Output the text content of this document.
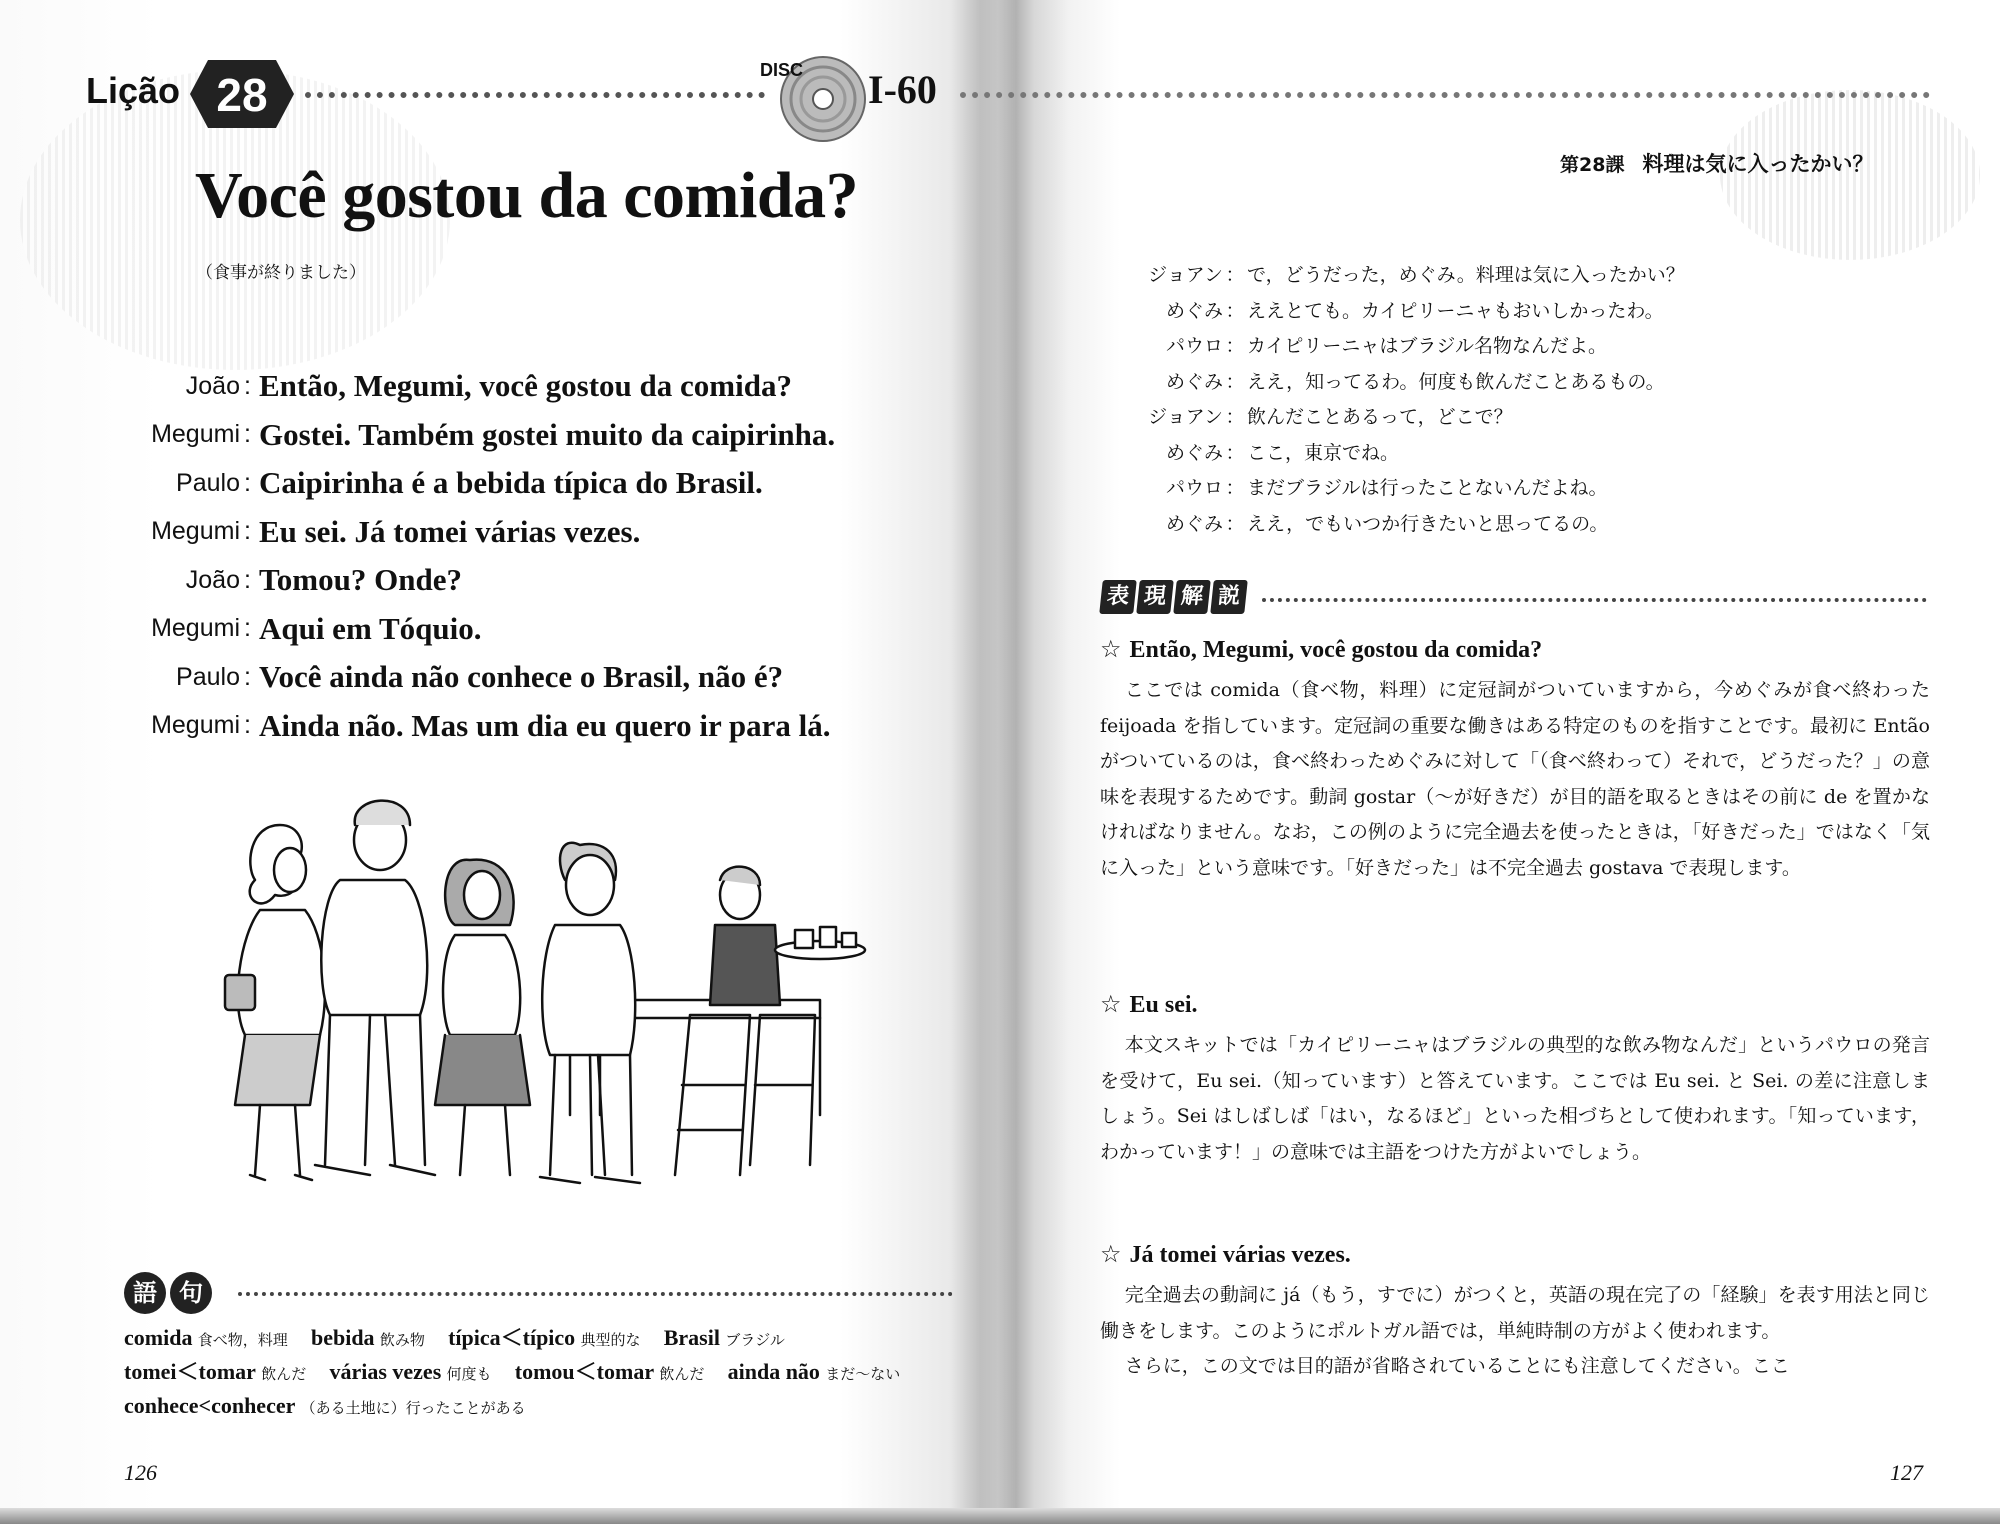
Lição 28	DISC I-60
Você gostou da comida?
（食事が終りました）
João : Então, Megumi, você gostou da comida?
Megumi : Gostei. Também gostei muito da caipirinha.
Paulo : Caipirinha é a bebida típica do Brasil.
Megumi : Eu sei. Já tomei várias vezes.
João : Tomou? Onde?
Megumi : Aqui em Tóquio.
Paulo : Você ainda não conhece o Brasil, não é?
Megumi : Ainda não. Mas um dia eu quero ir para lá.
語 句
comida 食べ物，料理 bebida 飲み物 típica＜típico 典型的な Brasil ブラジル
tomei＜tomar 飲んだ várias vezes 何度も tomou＜tomar 飲んだ ainda não まだ～ない
conhece<conhecer （ある土地に）行ったことがある
126
第28課 料理は気に入ったかい？
ジョアン ： で，どうだった，めぐみ。料理は気に入ったかい？
めぐみ ： ええとても。カイピリーニャもおいしかったわ。
パウロ ： カイピリーニャはブラジル名物なんだよ。
めぐみ ： ええ，知ってるわ。何度も飲んだことあるもの。
ジョアン ： 飲んだことあるって，どこで？
めぐみ ： ここ，東京でね。
パウロ ： まだブラジルは行ったことないんだよね。
めぐみ ： ええ，でもいつか行きたいと思ってるの。
表 現 解 説
☆ Então, Megumi, você gostou da comida?

ここでは comida（食べ物，料理）に定冠詞がついていますから，今めぐみが食べ終わった feijoada を指しています。定冠詞の重要な働きはある特定のものを指すことです。最初に Então がついているのは，食べ終わっためぐみに対して「（食べ終わって）それで，どうだった？」の意味を表現するためです。動詞 gostar（～が好きだ）が目的語を取るときはその前に de を置かなければなりません。なお，この例のように完全過去を使ったときは，「好きだった」ではなく「気に入った」という意味です。「好きだった」は不完全過去 gostava で表現します。

☆ Eu sei.

本文スキットでは「カイピリーニャはブラジルの典型的な飲み物なんだ」というパウロの発言を受けて，Eu sei.（知っています）と答えています。ここでは Eu sei. と Sei. の差に注意しましょう。Sei はしばしば「はい，なるほど」といった相づちとして使われます。「知っています，わかっています！」の意味では主語をつけた方がよいでしょう。

☆ Já tomei várias vezes.

完全過去の動詞に já（もう，すでに）がつくと，英語の現在完了の「経験」を表す用法と同じ働きをします。このようにポルトガル語では，単純時制の方がよく使われます。

さらに，この文では目的語が省略されていることにも注意してください。ここ

127
